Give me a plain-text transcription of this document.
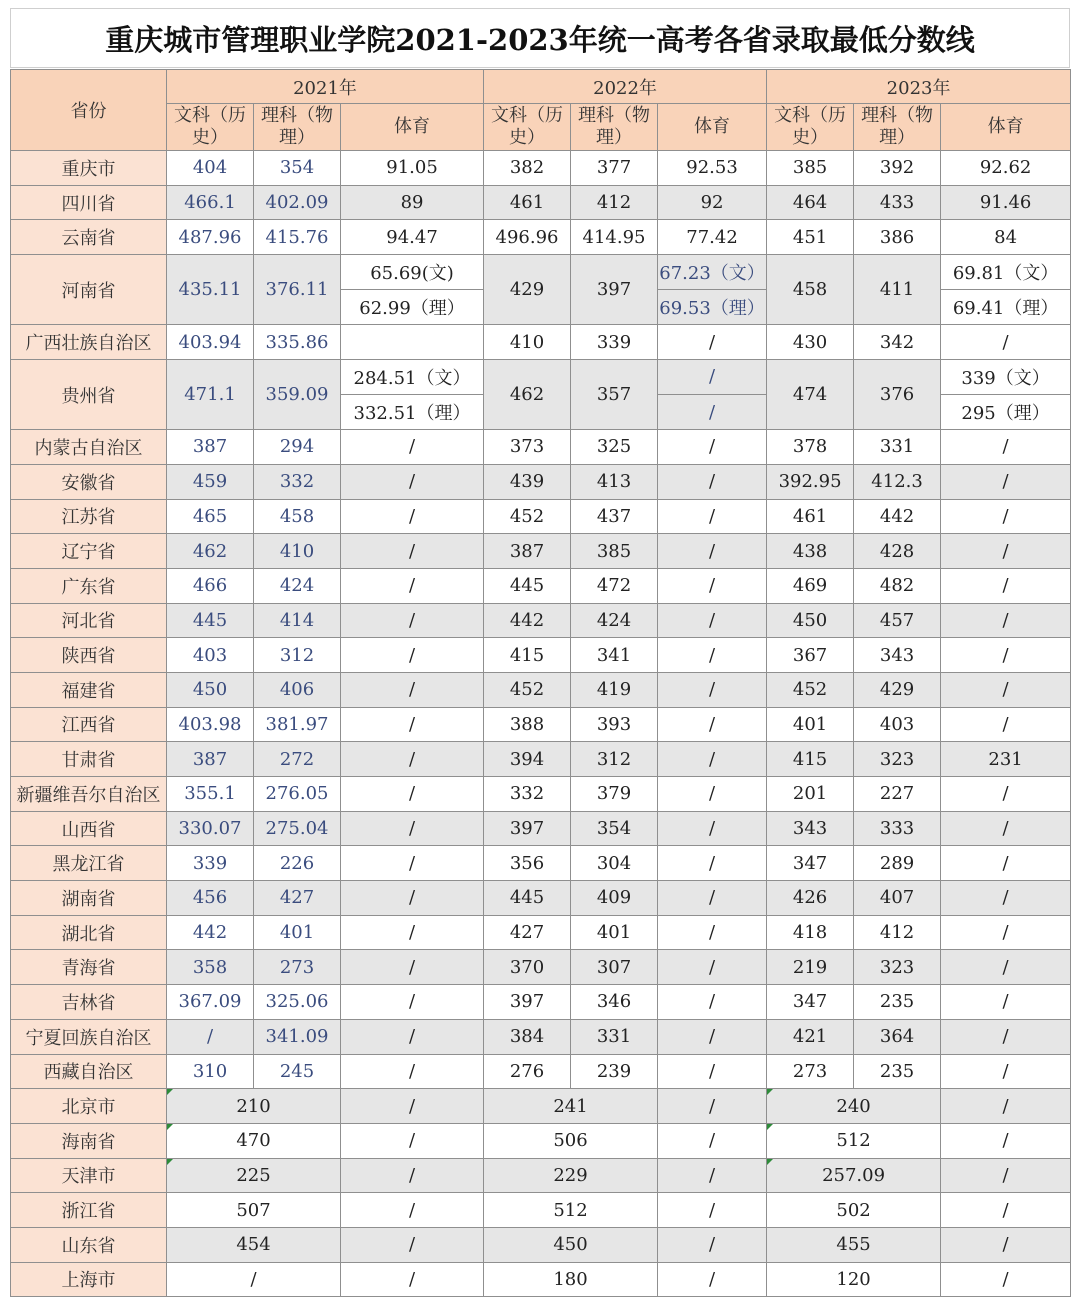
重庆城市管理职业学院2021-2023年统一高考各省录取最低分数线
省份	2021年			2022年			2023年		
	文科（历史）	理科（物理）	体育	文科（历史）	理科（物理）	体育	文科（历史）	理科（物理）	体育
重庆市	404	354	91.05	382	377	92.53	385	392	92.62
四川省	466.1	402.09	89	461	412	92	464	433	91.46
云南省	487.96	415.76	94.47	496.96	414.95	77.42	451	386	84
河南省	435.11	376.11	65.69(文)	429	397	67.23（文）	458	411	69.81（文）
			62.99（理）			69.53（理）			69.41（理）
广西壮族自治区	403.94	335.86		410	339	/	430	342	/
贵州省	471.1	359.09	284.51（文）	462	357	/	474	376	339（文）
			332.51（理）			/			295（理）
内蒙古自治区	387	294	/	373	325	/	378	331	/
安徽省	459	332	/	439	413	/	392.95	412.3	/
江苏省	465	458	/	452	437	/	461	442	/
辽宁省	462	410	/	387	385	/	438	428	/
广东省	466	424	/	445	472	/	469	482	/
河北省	445	414	/	442	424	/	450	457	/
陕西省	403	312	/	415	341	/	367	343	/
福建省	450	406	/	452	419	/	452	429	/
江西省	403.98	381.97	/	388	393	/	401	403	/
甘肃省	387	272	/	394	312	/	415	323	231
新疆维吾尔自治区	355.1	276.05	/	332	379	/	201	227	/
山西省	330.07	275.04	/	397	354	/	343	333	/
黑龙江省	339	226	/	356	304	/	347	289	/
湖南省	456	427	/	445	409	/	426	407	/
湖北省	442	401	/	427	401	/	418	412	/
青海省	358	273	/	370	307	/	219	323	/
吉林省	367.09	325.06	/	397	346	/	347	235	/
宁夏回族自治区	/	341.09	/	384	331	/	421	364	/
西藏自治区	310	245	/	276	239	/	273	235	/
北京市	210		/	241		/	240		/
海南省	470		/	506		/	512		/
天津市	225		/	229		/	257.09		/
浙江省	507		/	512		/	502		/
山东省	454		/	450		/	455		/
上海市	/		/	180		/	120		/
